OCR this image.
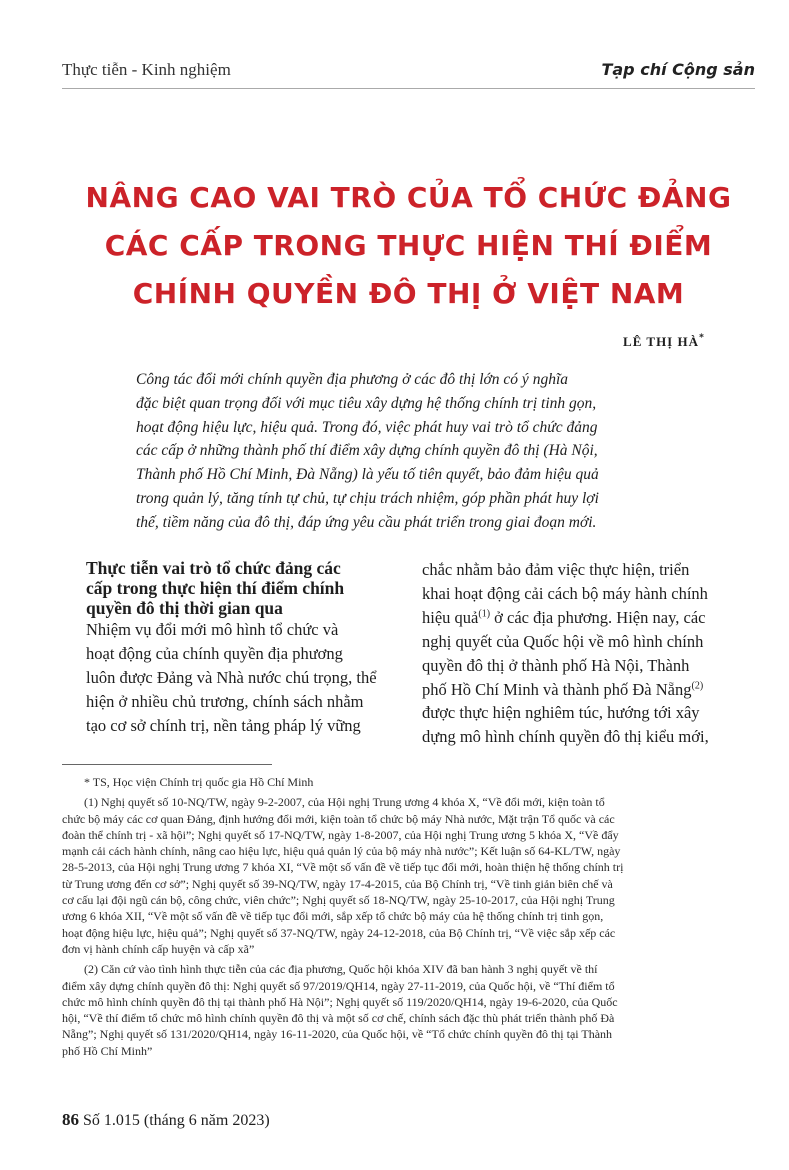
Thực tiễn - Kinh nghiệm	Tạp chí Cộng sản
NÂNG CAO VAI TRÒ CỦA TỔ CHỨC ĐẢNG
CÁC CẤP TRONG THỰC HIỆN THÍ ĐIỂM
CHÍNH QUYỀN ĐÔ THỊ Ở VIỆT NAM
LÊ THỊ HÀ*
Công tác đổi mới chính quyền địa phương ở các đô thị lớn có ý nghĩa
đặc biệt quan trọng đối với mục tiêu xây dựng hệ thống chính trị tinh gọn,
hoạt động hiệu lực, hiệu quả. Trong đó, việc phát huy vai trò tổ chức đảng
các cấp ở những thành phố thí điểm xây dựng chính quyền đô thị (Hà Nội,
Thành phố Hồ Chí Minh, Đà Nẵng) là yếu tố tiên quyết, bảo đảm hiệu quả
trong quản lý, tăng tính tự chủ, tự chịu trách nhiệm, góp phần phát huy lợi
thế, tiềm năng của đô thị, đáp ứng yêu cầu phát triển trong giai đoạn mới.
Thực tiễn vai trò tổ chức đảng các
cấp trong thực hiện thí điểm chính
quyền đô thị thời gian qua
Nhiệm vụ đổi mới mô hình tổ chức và
hoạt động của chính quyền địa phương
luôn được Đảng và Nhà nước chú trọng, thể
hiện ở nhiều chủ trương, chính sách nhằm
tạo cơ sở chính trị, nền tảng pháp lý vững
chắc nhằm bảo đảm việc thực hiện, triển
khai hoạt động cải cách bộ máy hành chính
hiệu quả$^{(1)}$ ở các địa phương. Hiện nay, các
nghị quyết của Quốc hội về mô hình chính
quyền đô thị ở thành phố Hà Nội, Thành
phố Hồ Chí Minh và thành phố Đà Nẵng$^{(2)}$
được thực hiện nghiêm túc, hướng tới xây
dựng mô hình chính quyền đô thị kiểu mới,
* TS, Học viện Chính trị quốc gia Hồ Chí Minh
(1) Nghị quyết số 10-NQ/TW, ngày 9-2-2007, của Hội nghị Trung ương 4 khóa X, “Về đổi mới, kiện toàn tổ
chức bộ máy các cơ quan Đảng, định hướng đổi mới, kiện toàn tổ chức bộ máy Nhà nước, Mặt trận Tổ quốc và các
đoàn thể chính trị - xã hội”; Nghị quyết số 17-NQ/TW, ngày 1-8-2007, của Hội nghị Trung ương 5 khóa X, “Về đẩy
mạnh cải cách hành chính, nâng cao hiệu lực, hiệu quả quản lý của bộ máy nhà nước”; Kết luận số 64-KL/TW, ngày
28-5-2013, của Hội nghị Trung ương 7 khóa XI, “Về một số vấn đề về tiếp tục đổi mới, hoàn thiện hệ thống chính trị
từ Trung ương đến cơ sở”; Nghị quyết số 39-NQ/TW, ngày 17-4-2015, của Bộ Chính trị, “Về tinh giản biên chế và
cơ cấu lại đội ngũ cán bộ, công chức, viên chức”; Nghị quyết số 18-NQ/TW, ngày 25-10-2017, của Hội nghị Trung
ương 6 khóa XII, “Về một số vấn đề về tiếp tục đổi mới, sắp xếp tổ chức bộ máy của hệ thống chính trị tinh gọn,
hoạt động hiệu lực, hiệu quả”; Nghị quyết số 37-NQ/TW, ngày 24-12-2018, của Bộ Chính trị, “Về việc sắp xếp các
đơn vị hành chính cấp huyện và cấp xã”
(2) Căn cứ vào tình hình thực tiễn của các địa phương, Quốc hội khóa XIV đã ban hành 3 nghị quyết về thí
điểm xây dựng chính quyền đô thị: Nghị quyết số 97/2019/QH14, ngày 27-11-2019, của Quốc hội, về “Thí điểm tổ
chức mô hình chính quyền đô thị tại thành phố Hà Nội”; Nghị quyết số 119/2020/QH14, ngày 19-6-2020, của Quốc
hội, “Về thí điểm tổ chức mô hình chính quyền đô thị và một số cơ chế, chính sách đặc thù phát triển thành phố Đà
Nẵng”; Nghị quyết số 131/2020/QH14, ngày 16-11-2020, của Quốc hội, về “Tổ chức chính quyền đô thị tại Thành
phố Hồ Chí Minh”
86 Số 1.015 (tháng 6 năm 2023)
